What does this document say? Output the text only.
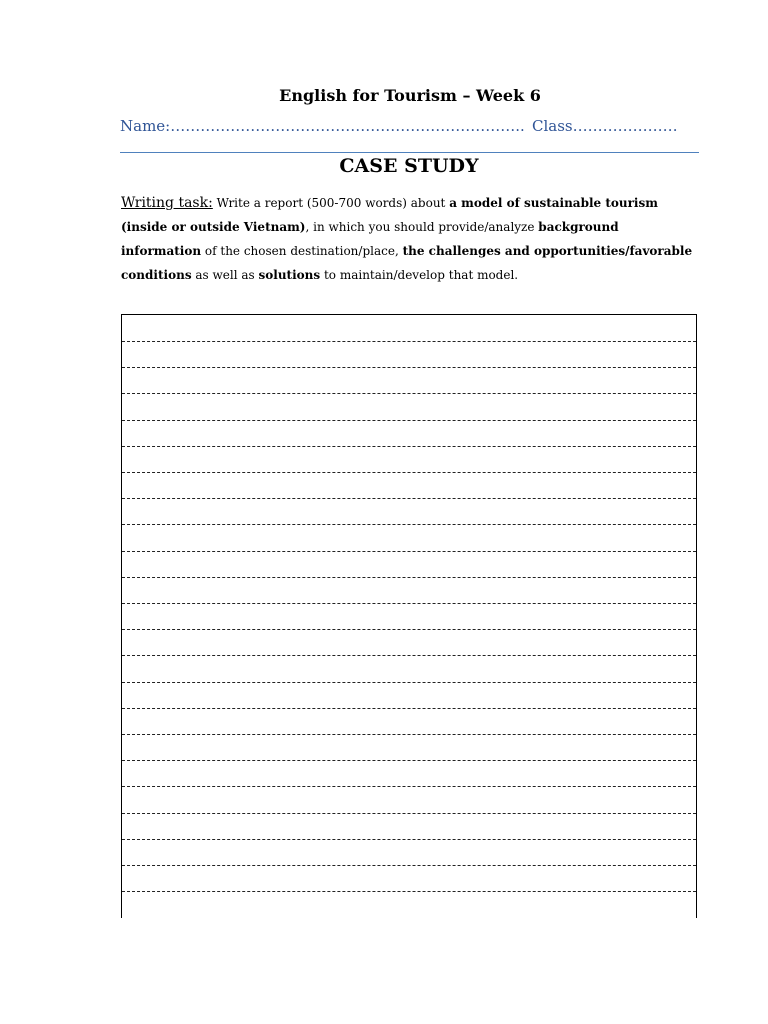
English for Tourism – Week 6
Name:…………………………………………………………….. Class…………………
CASE STUDY
Writing task: Write a report (500-700 words) about a model of sustainable tourism (inside or outside Vietnam), in which you should provide/analyze background information of the chosen destination/place, the challenges and opportunities/favorable conditions as well as solutions to maintain/develop that model.
